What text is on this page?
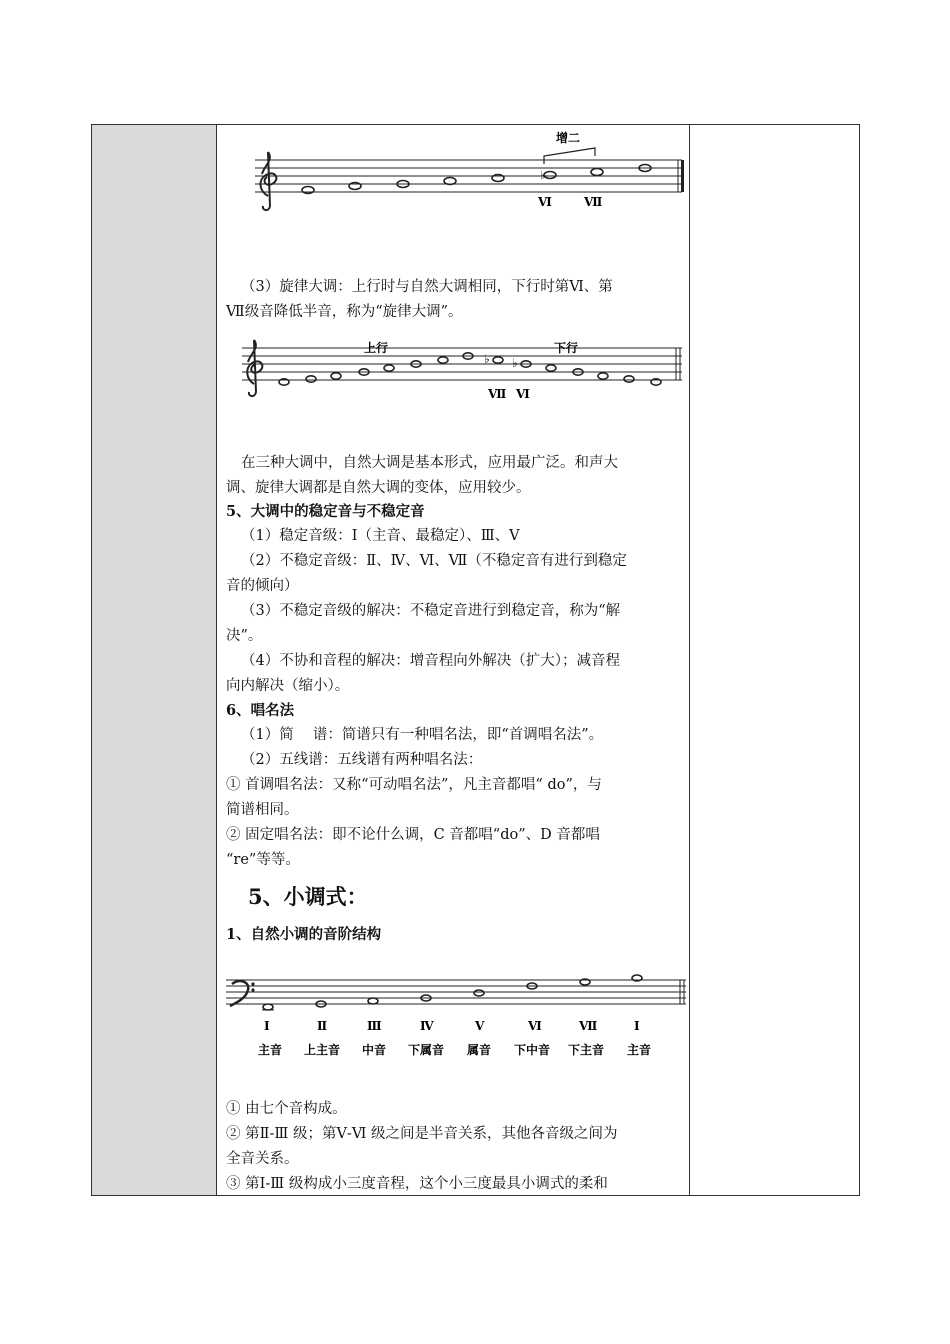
♭
增二
Ⅵ	Ⅶ
♭ ♭
上行	下行
Ⅶ Ⅵ
Ⅰ	Ⅱ	Ⅲ	Ⅳ	Ⅴ	Ⅵ	Ⅶ	Ⅰ
主音 上主音 中音 下属音 属音 下中音 下主音 主音
（3）旋律大调：上行时与自然大调相同，下行时第Ⅵ、第
Ⅶ级音降低半音，称为“旋律大调”。
在三种大调中，自然大调是基本形式，应用最广泛。和声大
调、旋律大调都是自然大调的变体，应用较少。
5、大调中的稳定音与不稳定音
（1）稳定音级：Ⅰ（主音、最稳定）、Ⅲ、Ⅴ
（2）不稳定音级：Ⅱ、Ⅳ、Ⅵ、Ⅶ（不稳定音有进行到稳定
音的倾向）
（3）不稳定音级的解决：不稳定音进行到稳定音，称为“解
决”。
（4）不协和音程的解决：增音程向外解决（扩大）；减音程
向内解决（缩小）。
6、唱名法
（1）简　 谱：简谱只有一种唱名法，即“首调唱名法”。
（2）五线谱：五线谱有两种唱名法：
① 首调唱名法：又称“可动唱名法”，凡主音都唱“ do”，与
简谱相同。
② 固定唱名法：即不论什么调，C 音都唱“do”、D 音都唱
“re”等等。
5、小调式：
1、自然小调的音阶结构
① 由七个音构成。
② 第Ⅱ-Ⅲ 级；第Ⅴ-Ⅵ 级之间是半音关系，其他各音级之间为
全音关系。
③ 第Ⅰ-Ⅲ 级构成小三度音程，这个小三度最具小调式的柔和
